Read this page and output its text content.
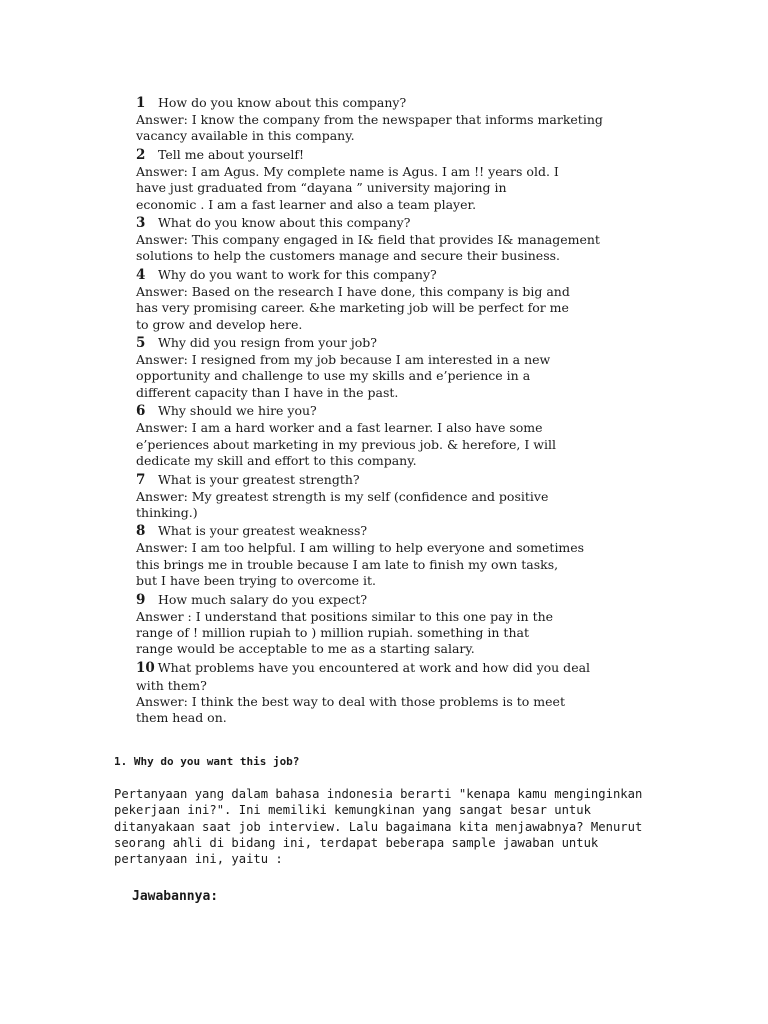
1 How do you know about this company?
Answer: I know the company from the newspaper that informs marketing
vacancy available in this company.
2 Tell me about yourself!
Answer: I am Agus. My complete name is Agus. I am !! years old. I
have just graduated from “dayana ” university majoring in
economic . I am a fast learner and also a team player.
3 What do you know about this company?
Answer: This company engaged in I& field that provides I& management
solutions to help the customers manage and secure their business.
4 Why do you want to work for this company?
Answer: Based on the research I have done, this company is big and
has very promising career. &he marketing job will be perfect for me
to grow and develop here.
5 Why did you resign from your job?
Answer: I resigned from my job because I am interested in a new
opportunity and challenge to use my skills and e’perience in a
different capacity than I have in the past.
6 Why should we hire you?
Answer: I am a hard worker and a fast learner. I also have some
e’periences about marketing in my previous job. & herefore, I will
dedicate my skill and effort to this company.
7 What is your greatest strength?
Answer: My greatest strength is my self (confidence and positive
thinking.)
8 What is your greatest weakness?
Answer: I am too helpful. I am willing to help everyone and sometimes
this brings me in trouble because I am late to finish my own tasks,
but I have been trying to overcome it.
9 How much salary do you expect?
Answer : I understand that positions similar to this one pay in the
range of ! million rupiah to ) million rupiah. something in that
range would be acceptable to me as a starting salary.
10 What problems have you encountered at work and how did you deal
with them?
Answer: I think the best way to deal with those problems is to meet
them head on.
1. Why do you want this job?
Pertanyaan yang dalam bahasa indonesia berarti "kenapa kamu menginginkan
pekerjaan ini?". Ini memiliki kemungkinan yang sangat besar untuk
ditanyakaan saat job interview. Lalu bagaimana kita menjawabnya? Menurut
seorang ahli di bidang ini, terdapat beberapa sample jawaban untuk
pertanyaan ini, yaitu :
Jawabannya:
